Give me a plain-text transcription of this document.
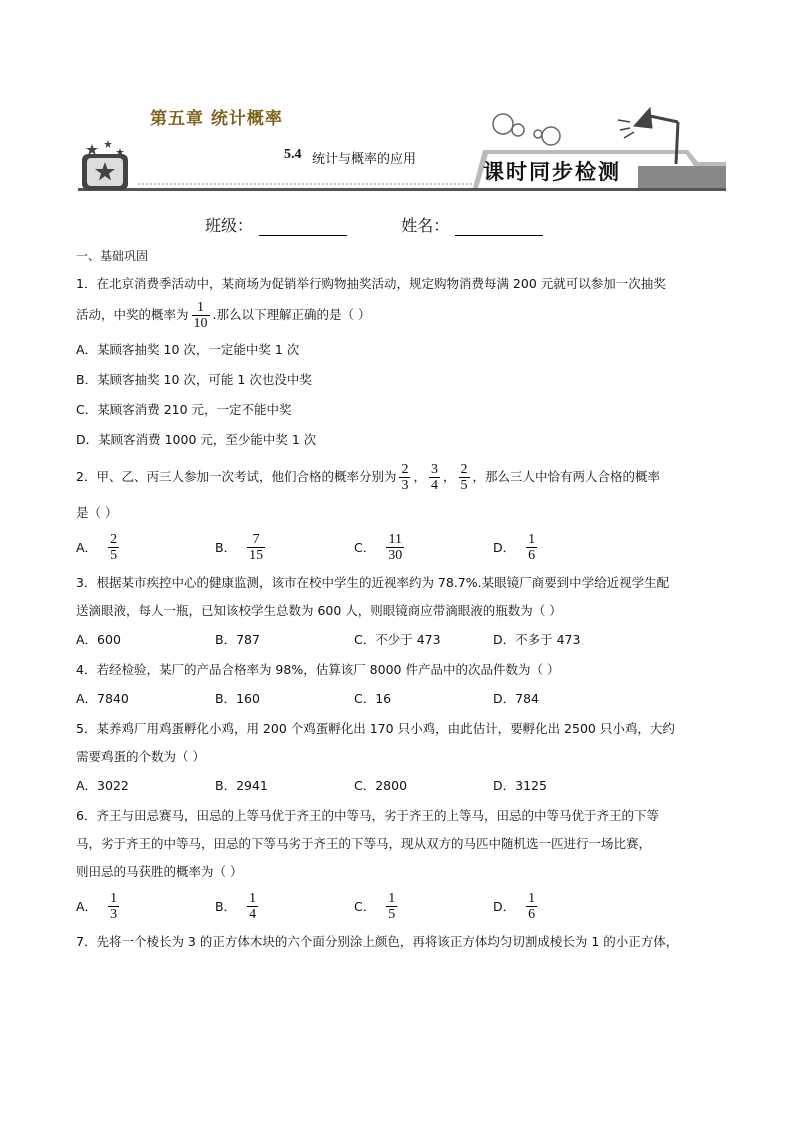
第五章 统计概率
5.4 统计与概率的应用	课时同步检测
班级：	姓名：
一、基础巩固
1．在北京消费季活动中，某商场为促销举行购物抽奖活动，规定购物消费每满 200 元就可以参加一次抽奖
活动，中奖的概率为 $\frac{1}{10}$ .那么以下理解正确的是（ ）
A．某顾客抽奖 10 次，一定能中奖 1 次
B．某顾客抽奖 10 次，可能 1 次也没中奖
C．某顾客消费 210 元，一定不能中奖
D．某顾客消费 1000 元，至少能中奖 1 次
2．甲、乙、丙三人参加一次考试，他们合格的概率分别为 $\frac{2}{3}$ ， $\frac{3}{4}$ ， $\frac{2}{5}$ ，那么三人中恰有两人合格的概率
是（ ）
A． $\frac{2}{5}$	B． $\frac{7}{15}$	C． $\frac{11}{30}$	D． $\frac{1}{6}$
3．根据某市疾控中心的健康监测，该市在校中学生的近视率约为 78.7%.某眼镜厂商要到中学给近视学生配
送滴眼液，每人一瓶，已知该校学生总数为 600 人，则眼镜商应带滴眼液的瓶数为（ ）
A．600	B．787	C．不少于 473	D．不多于 473
4．若经检验，某厂的产品合格率为 98%，估算该厂 8000 件产品中的次品件数为（ ）
A．7840	B．160	C．16	D．784
5．某养鸡厂用鸡蛋孵化小鸡，用 200 个鸡蛋孵化出 170 只小鸡，由此估计，要孵化出 2500 只小鸡，大约
需要鸡蛋的个数为（ ）
A．3022	B．2941	C．2800	D．3125
6．齐王与田忌赛马，田忌的上等马优于齐王的中等马，劣于齐王的上等马，田忌的中等马优于齐王的下等
马，劣于齐王的中等马，田忌的下等马劣于齐王的下等马，现从双方的马匹中随机选一匹进行一场比赛，
则田忌的马获胜的概率为（ ）
A． $\frac{1}{3}$	B． $\frac{1}{4}$	C． $\frac{1}{5}$	D． $\frac{1}{6}$
7．先将一个棱长为 3 的正方体木块的六个面分别涂上颜色，再将该正方体均匀切割成棱长为 1 的小正方体，
